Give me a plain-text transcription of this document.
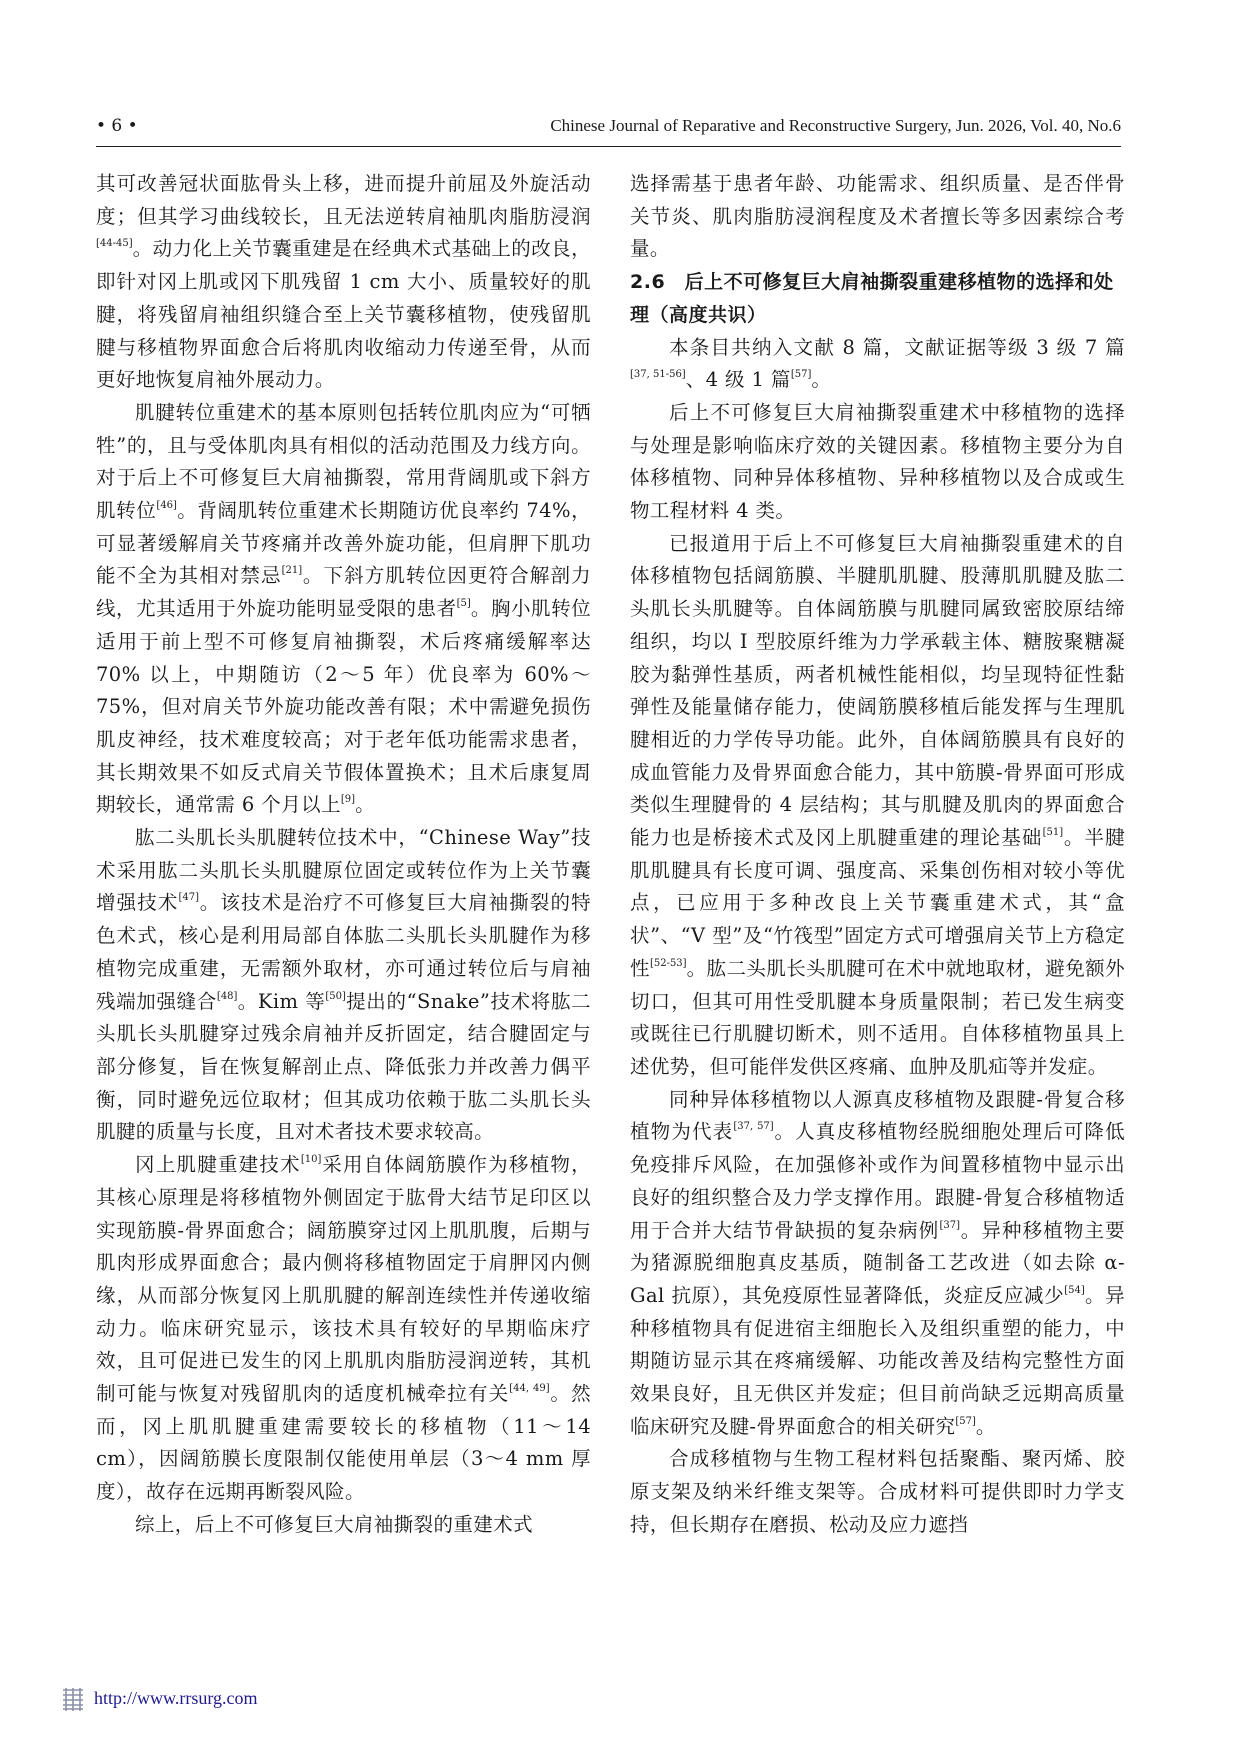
• 6 •	Chinese Journal of Reparative and Reconstructive Surgery, Jun. 2026, Vol. 40, No.6

其可改善冠状面肱骨头上移，进而提升前屈及外旋活动度；但其学习曲线较长，且无法逆转肩袖肌肉脂肪浸润[44-45]。动力化上关节囊重建是在经典术式基础上的改良，即针对冈上肌或冈下肌残留 1 cm 大小、质量较好的肌腱，将残留肩袖组织缝合至上关节囊移植物，使残留肌腱与移植物界面愈合后将肌肉收缩动力传递至骨，从而更好地恢复肩袖外展动力。

肌腱转位重建术的基本原则包括转位肌肉应为“可牺牲”的，且与受体肌肉具有相似的活动范围及力线方向。对于后上不可修复巨大肩袖撕裂，常用背阔肌或下斜方肌转位[46]。背阔肌转位重建术长期随访优良率约 74%，可显著缓解肩关节疼痛并改善外旋功能，但肩胛下肌功能不全为其相对禁忌[21]。下斜方肌转位因更符合解剖力线，尤其适用于外旋功能明显受限的患者[5]。胸小肌转位适用于前上型不可修复肩袖撕裂，术后疼痛缓解率达 70% 以上，中期随访（2～5 年）优良率为 60%～75%，但对肩关节外旋功能改善有限；术中需避免损伤肌皮神经，技术难度较高；对于老年低功能需求患者，其长期效果不如反式肩关节假体置换术；且术后康复周期较长，通常需 6 个月以上[9]。

肱二头肌长头肌腱转位技术中，“Chinese Way”技术采用肱二头肌长头肌腱原位固定或转位作为上关节囊增强技术[47]。该技术是治疗不可修复巨大肩袖撕裂的特色术式，核心是利用局部自体肱二头肌长头肌腱作为移植物完成重建，无需额外取材，亦可通过转位后与肩袖残端加强缝合[48]。Kim 等[50]提出的“Snake”技术将肱二头肌长头肌腱穿过残余肩袖并反折固定，结合腱固定与部分修复，旨在恢复解剖止点、降低张力并改善力偶平衡，同时避免远位取材；但其成功依赖于肱二头肌长头肌腱的质量与长度，且对术者技术要求较高。

冈上肌腱重建技术[10]采用自体阔筋膜作为移植物，其核心原理是将移植物外侧固定于肱骨大结节足印区以实现筋膜-骨界面愈合；阔筋膜穿过冈上肌肌腹，后期与肌肉形成界面愈合；最内侧将移植物固定于肩胛冈内侧缘，从而部分恢复冈上肌肌腱的解剖连续性并传递收缩动力。临床研究显示，该技术具有较好的早期临床疗效，且可促进已发生的冈上肌肌肉脂肪浸润逆转，其机制可能与恢复对残留肌肉的适度机械牵拉有关[44, 49]。然而，冈上肌肌腱重建需要较长的移植物（11～14 cm），因阔筋膜长度限制仅能使用单层（3～4 mm 厚度），故存在远期再断裂风险。

综上，后上不可修复巨大肩袖撕裂的重建术式

选择需基于患者年龄、功能需求、组织质量、是否伴骨关节炎、肌肉脂肪浸润程度及术者擅长等多因素综合考量。

2.6　后上不可修复巨大肩袖撕裂重建移植物的选择和处理（高度共识）

本条目共纳入文献 8 篇，文献证据等级 3 级 7 篇[37, 51-56]、4 级 1 篇[57]。

后上不可修复巨大肩袖撕裂重建术中移植物的选择与处理是影响临床疗效的关键因素。移植物主要分为自体移植物、同种异体移植物、异种移植物以及合成或生物工程材料 4 类。

已报道用于后上不可修复巨大肩袖撕裂重建术的自体移植物包括阔筋膜、半腱肌肌腱、股薄肌肌腱及肱二头肌长头肌腱等。自体阔筋膜与肌腱同属致密胶原结缔组织，均以 Ⅰ 型胶原纤维为力学承载主体、糖胺聚糖凝胶为黏弹性基质，两者机械性能相似，均呈现特征性黏弹性及能量储存能力，使阔筋膜移植后能发挥与生理肌腱相近的力学传导功能。此外，自体阔筋膜具有良好的成血管能力及骨界面愈合能力，其中筋膜-骨界面可形成类似生理腱骨的 4 层结构；其与肌腱及肌肉的界面愈合能力也是桥接术式及冈上肌腱重建的理论基础[51]。半腱肌肌腱具有长度可调、强度高、采集创伤相对较小等优点，已应用于多种改良上关节囊重建术式，其“盒状”、“V 型”及“竹筏型”固定方式可增强肩关节上方稳定性[52-53]。肱二头肌长头肌腱可在术中就地取材，避免额外切口，但其可用性受肌腱本身质量限制；若已发生病变或既往已行肌腱切断术，则不适用。自体移植物虽具上述优势，但可能伴发供区疼痛、血肿及肌疝等并发症。

同种异体移植物以人源真皮移植物及跟腱-骨复合移植物为代表[37, 57]。人真皮移植物经脱细胞处理后可降低免疫排斥风险，在加强修补或作为间置移植物中显示出良好的组织整合及力学支撑作用。跟腱-骨复合移植物适用于合并大结节骨缺损的复杂病例[37]。异种移植物主要为猪源脱细胞真皮基质，随制备工艺改进（如去除 α-Gal 抗原），其免疫原性显著降低，炎症反应减少[54]。异种移植物具有促进宿主细胞长入及组织重塑的能力，中期随访显示其在疼痛缓解、功能改善及结构完整性方面效果良好，且无供区并发症；但目前尚缺乏远期高质量临床研究及腱-骨界面愈合的相关研究[57]。

合成移植物与生物工程材料包括聚酯、聚丙烯、胶原支架及纳米纤维支架等。合成材料可提供即时力学支持，但长期存在磨损、松动及应力遮挡

http://www.rrsurg.com
